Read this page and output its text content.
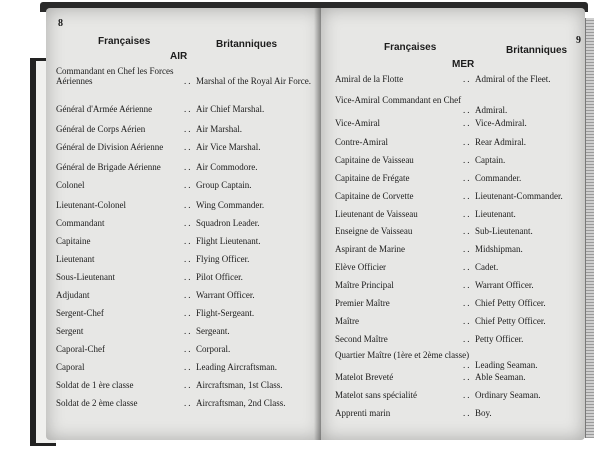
8
Françaises	Britanniques
AIR
Commandant en Chef les Forces Aériennes	.. Marshal of the Royal Air Force.
Général d'Armée Aérienne	.. Air Chief Marshal.
Général de Corps Aérien	.. Air Marshal.
Général de Division Aérienne .. Air Vice Marshal.
Général de Brigade Aérienne	.. Air Commodore.
Colonel	.. Group Captain.
Lieutenant-Colonel	.. Wing Commander.
Commandant	.. Squadron Leader.
Capitaine	.. Flight Lieutenant.
Lieutenant	.. Flying Officer.
Sous-Lieutenant	.. Pilot Officer.
Adjudant	.. Warrant Officer.
Sergent-Chef	.. Flight-Sergeant.
Sergent	.. Sergeant.
Caporal-Chef	.. Corporal.
Caporal	.. Leading Aircraftsman.
Soldat de 1 ère classe	.. Aircraftsman, 1st Class.
Soldat de 2 ème classe	.. Aircraftsman, 2nd Class.
9
Françaises	Britanniques
MER
Amiral de la Flotte	.. Admiral of the Fleet.
Vice-Amiral Commandant en Chef
.. Admiral.
Vice-Amiral	.. Vice-Admiral.
Contre-Amiral	.. Rear Admiral.
Capitaine de Vaisseau	.. Captain.
Capitaine de Frégate	.. Commander.
Capitaine de Corvette	.. Lieutenant-Commander.
Lieutenant de Vaisseau	.. Lieutenant.
Enseigne de Vaisseau	.. Sub-Lieutenant.
Aspirant de Marine	.. Midshipman.
Elève Officier	.. Cadet.
Maître Principal	.. Warrant Officer.
Premier Maître	.. Chief Petty Officer.
Maître	.. Chief Petty Officer.
Second Maître	.. Petty Officer.
Quartier Maître (1ère et 2ème classe)
.. Leading Seaman.
Matelot Breveté	.. Able Seaman.
Matelot sans spécialité	.. Ordinary Seaman.
Apprenti marin	.. Boy.
